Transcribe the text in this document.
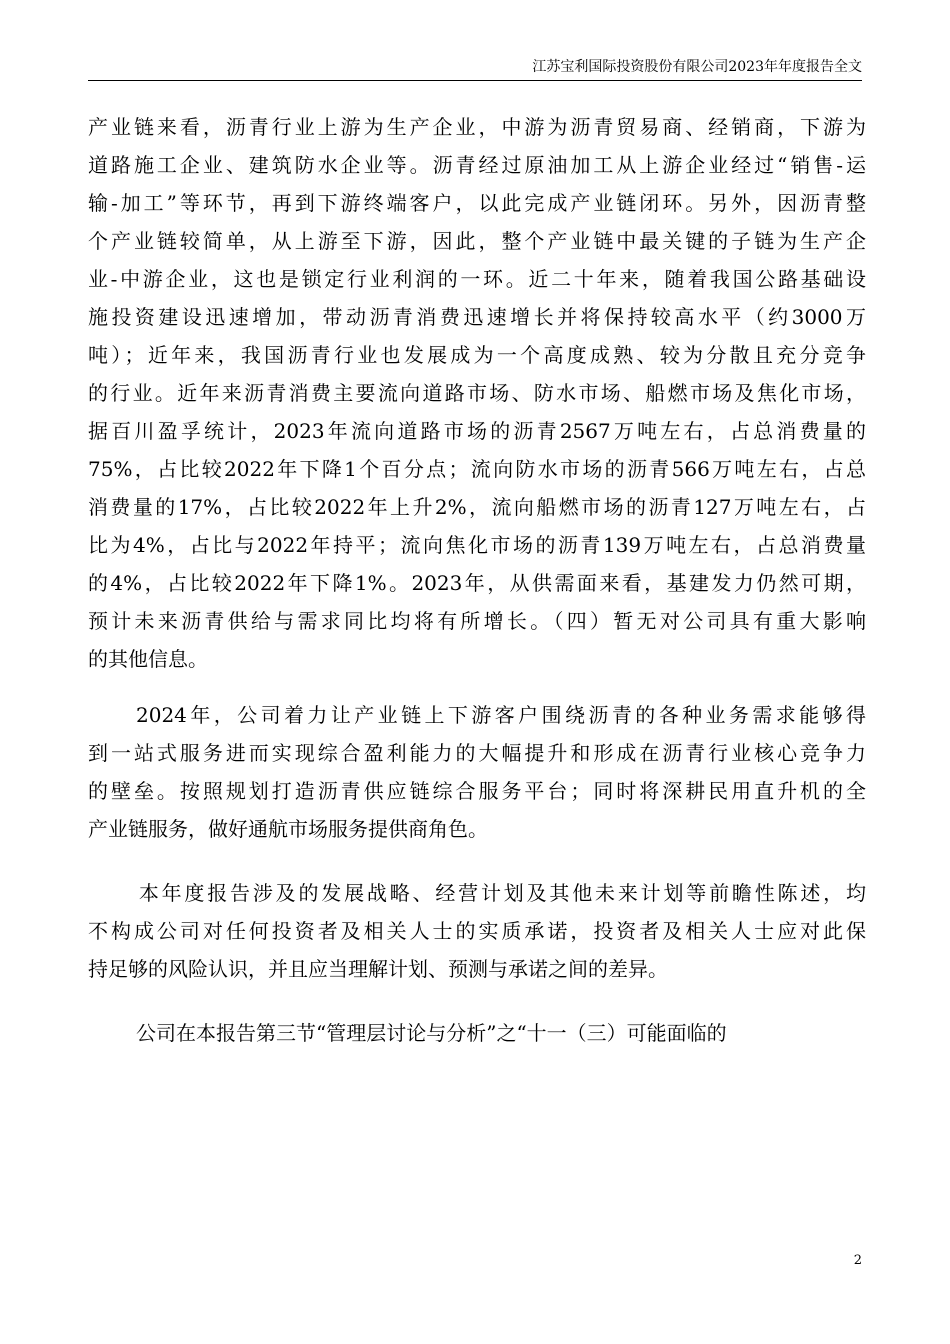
江苏宝利国际投资股份有限公司2023年年度报告全文
产业链来看，沥青行业上游为生产企业，中游为沥青贸易商、经销商，下游为
道路施工企业、建筑防水企业等。沥青经过原油加工从上游企业经过“销售-运
输-加工”等环节，再到下游终端客户，以此完成产业链闭环。另外，因沥青整
个产业链较简单，从上游至下游，因此，整个产业链中最关键的子链为生产企
业-中游企业，这也是锁定行业利润的一环。近二十年来，随着我国公路基础设
施投资建设迅速增加，带动沥青消费迅速增长并将保持较高水平（约3000万
吨）；近年来，我国沥青行业也发展成为一个高度成熟、较为分散且充分竞争
的行业。近年来沥青消费主要流向道路市场、防水市场、船燃市场及焦化市场，
据百川盈孚统计，2023年流向道路市场的沥青2567万吨左右，占总消费量的
75%，占比较2022年下降1个百分点；流向防水市场的沥青566万吨左右，占总
消费量的17%，占比较2022年上升2%，流向船燃市场的沥青127万吨左右，占
比为4%，占比与2022年持平；流向焦化市场的沥青139万吨左右，占总消费量
的4%，占比较2022年下降1%。2023年，从供需面来看，基建发力仍然可期，
预计未来沥青供给与需求同比均将有所增长。（四）暂无对公司具有重大影响
的其他信息。
2024年，公司着力让产业链上下游客户围绕沥青的各种业务需求能够得
到一站式服务进而实现综合盈利能力的大幅提升和形成在沥青行业核心竞争力
的壁垒。按照规划打造沥青供应链综合服务平台；同时将深耕民用直升机的全
产业链服务，做好通航市场服务提供商角色。
本年度报告涉及的发展战略、经营计划及其他未来计划等前瞻性陈述，均
不构成公司对任何投资者及相关人士的实质承诺，投资者及相关人士应对此保
持足够的风险认识，并且应当理解计划、预测与承诺之间的差异。
公司在本报告第三节“管理层讨论与分析”之“十一（三）可能面临的
2
